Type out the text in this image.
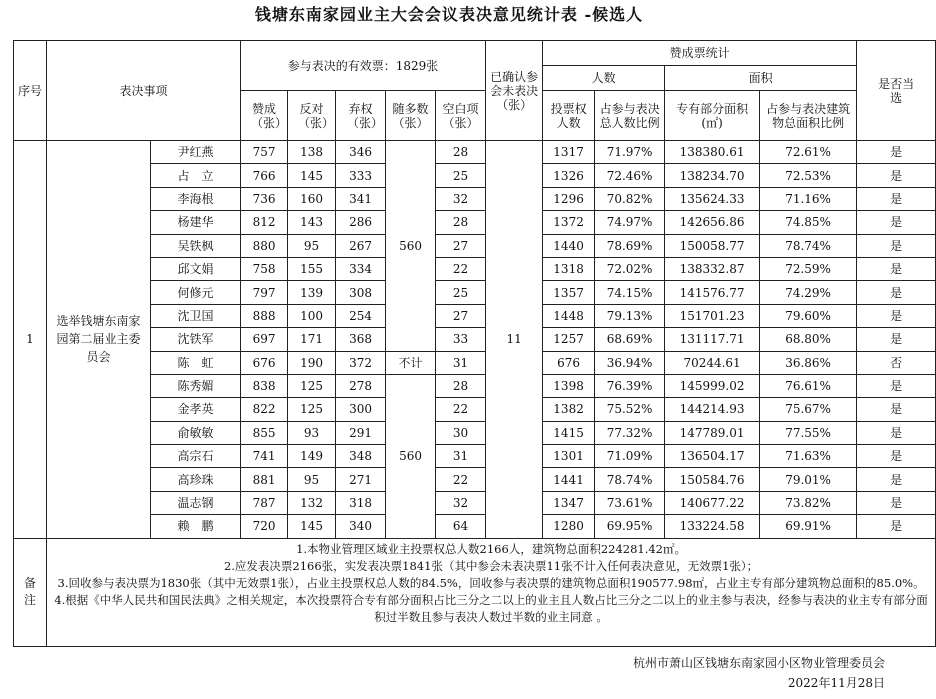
钱塘东南家园业主大会会议表决意见统计表 -候选人
序号	表决事项		参与表决的有效票：1829张					已确认参会未表决（张）	赞成票统计				是否当选
									人数		面积		
			赞成（张）	反对（张）	弃权（张）	随多数（张）	空白项（张）		投票权人数	占参与表决总人数比例	专有部分面积(㎡)	占参与表决建筑物总面积比例	
1	选举钱塘东南家园第二届业主委员会	尹红燕	757	138	346	560	28	11	1317	71.97%	138380.61	72.61%	是
		占　立	766	145	333		25		1326	72.46%	138234.70	72.53%	是
		李海根	736	160	341		32		1296	70.82%	135624.33	71.16%	是
		杨建华	812	143	286		28		1372	74.97%	142656.86	74.85%	是
		吴铁枫	880	95	267		27		1440	78.69%	150058.77	78.74%	是
		邱文娟	758	155	334		22		1318	72.02%	138332.87	72.59%	是
		何修元	797	139	308		25		1357	74.15%	141576.77	74.29%	是
		沈卫国	888	100	254		27		1448	79.13%	151701.23	79.60%	是
		沈铁军	697	171	368		33		1257	68.69%	131117.71	68.80%	是
		陈　虹	676	190	372	不计	31		676	36.94%	70244.61	36.86%	否
		陈秀媚	838	125	278	560	28		1398	76.39%	145999.02	76.61%	是
		金孝英	822	125	300		22		1382	75.52%	144214.93	75.67%	是
		俞敏敏	855	93	291		30		1415	77.32%	147789.01	77.55%	是
		高宗石	741	149	348		31		1301	71.09%	136504.17	71.63%	是
		高珍珠	881	95	271		22		1441	78.74%	150584.76	79.01%	是
		温志钢	787	132	318		32		1347	73.61%	140677.22	73.82%	是
		赖　鹏	720	145	340		64		1280	69.95%	133224.58	69.91%	是
备注	1.本物业管理区域业主投票权总人数2166人，建筑物总面积224281.42㎡。
2.应发表决票2166张，实发表决票1841张（其中参会未表决票11张不计入任何表决意见，无效票1张）；
3.回收参与表决票为1830张（其中无效票1张），占业主投票权总人数的84.5%，回收参与表决票的建筑物总面积190577.98㎡，占业主专有部分建筑物总面积的85.0%。
4.根据《中华人民共和国民法典》之相关规定，本次投票符合专有部分面积占比三分之二以上的业主且人数占比三分之二以上的业主参与表决，经参与表决的业主专有部分面积过半数且参与表决人数过半数的业主同意 。												
杭州市萧山区钱塘东南家园小区物业管理委员会
2022年11月28日
